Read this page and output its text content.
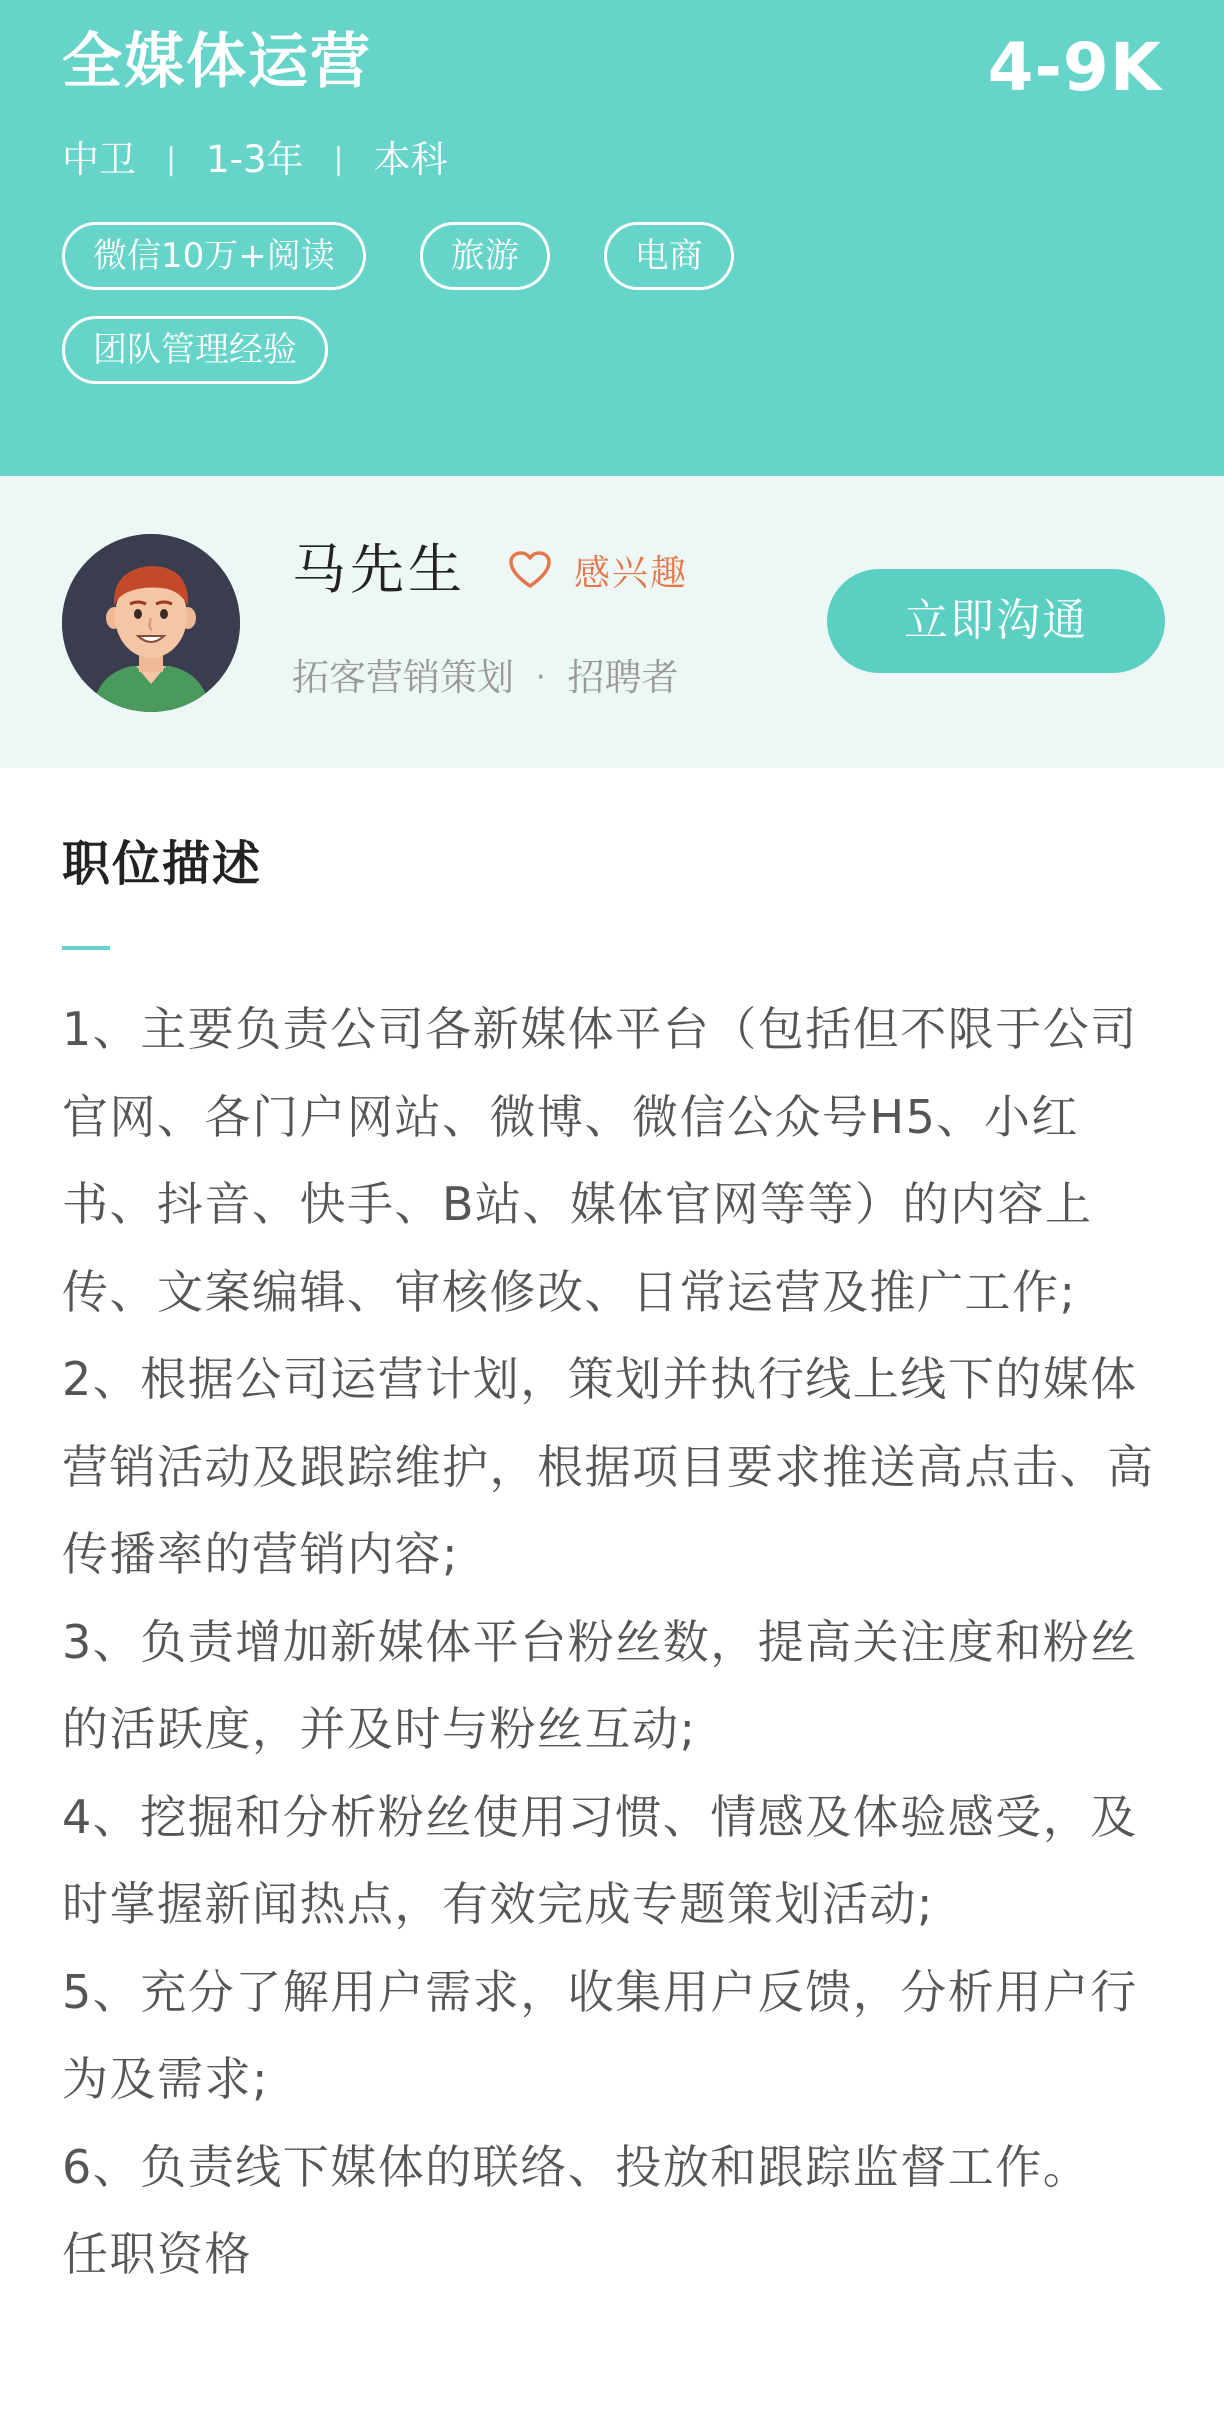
全媒体运营	4-9K
中卫 | 1-3年 | 本科
微信10万+阅读	旅游	电商
团队管理经验
马先生	感兴趣
拓客营销策划 · 招聘者
立即沟通
职位描述

1、主要负责公司各新媒体平台（包括但不限于公司官网、各门户网站、微博、微信公众号H5、小红书、抖音、快手、B站、媒体官网等等）的内容上传、文案编辑、审核修改、日常运营及推广工作;

2、根据公司运营计划，策划并执行线上线下的媒体营销活动及跟踪维护，根据项目要求推送高点击、高传播率的营销内容;

3、负责增加新媒体平台粉丝数，提高关注度和粉丝的活跃度，并及时与粉丝互动;

4、挖掘和分析粉丝使用习惯、情感及体验感受，及时掌握新闻热点，有效完成专题策划活动;

5、充分了解用户需求，收集用户反馈，分析用户行为及需求;

6、负责线下媒体的联络、投放和跟踪监督工作。

任职资格
